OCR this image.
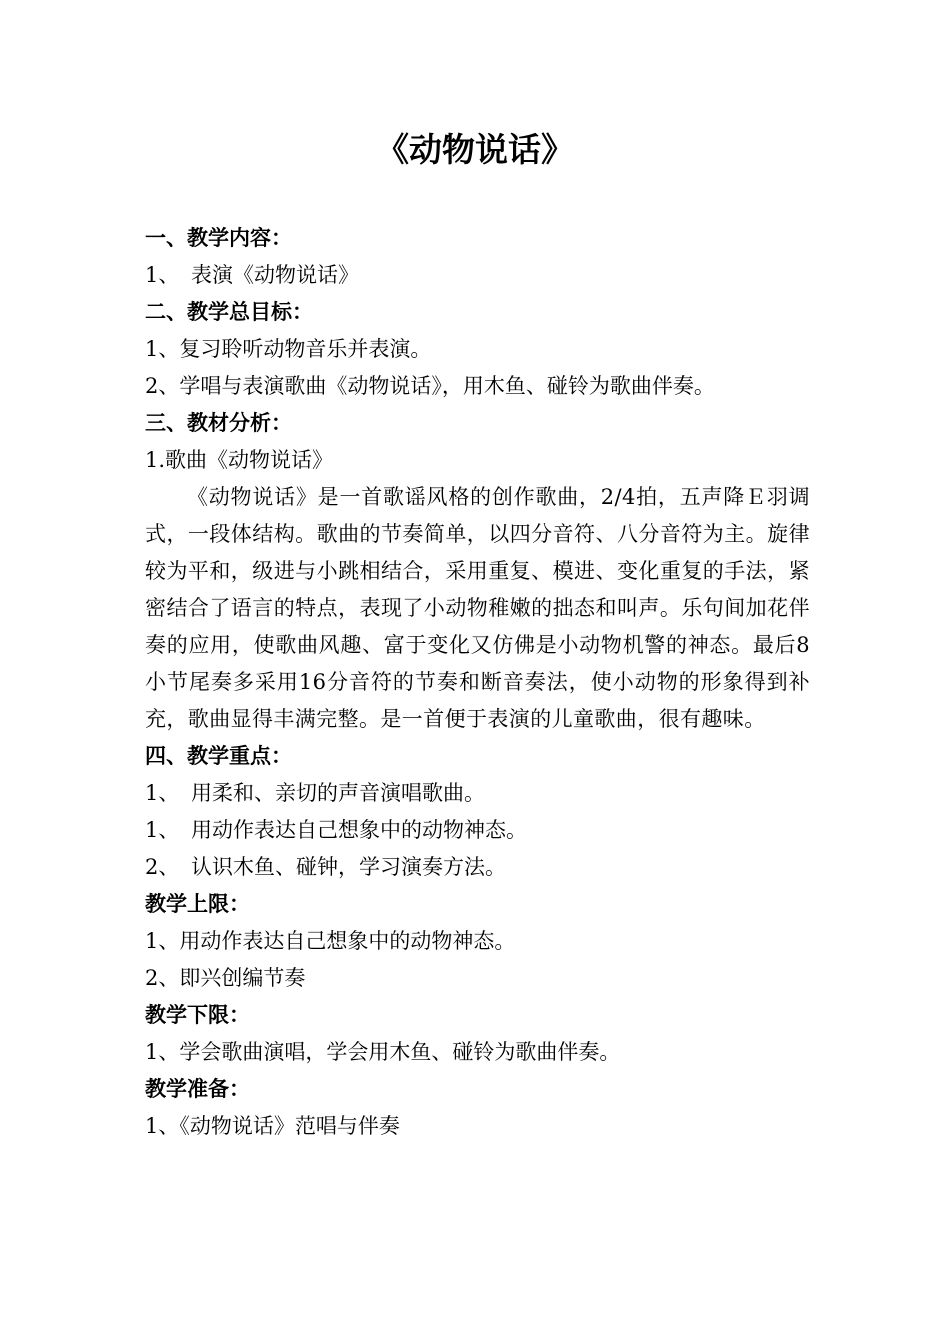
《动物说话》

一、教学内容：

1、 表演《动物说话》

二、教学总目标：

1、复习聆听动物音乐并表演。

2、学唱与表演歌曲《动物说话》，用木鱼、碰铃为歌曲伴奏。

三、教材分析：

1.歌曲《动物说话》

《动物说话》是一首歌谣风格的创作歌曲，2/4拍，五声降Ｅ羽调式，一段体结构。歌曲的节奏简单，以四分音符、八分音符为主。旋律较为平和，级进与小跳相结合，采用重复、模进、变化重复的手法，紧密结合了语言的特点，表现了小动物稚嫩的拙态和叫声。乐句间加花伴奏的应用，使歌曲风趣、富于变化又仿佛是小动物机警的神态。最后8小节尾奏多采用16分音符的节奏和断音奏法，使小动物的形象得到补充，歌曲显得丰满完整。是一首便于表演的儿童歌曲，很有趣味。

四、教学重点：

1、 用柔和、亲切的声音演唱歌曲。

1、 用动作表达自己想象中的动物神态。

2、 认识木鱼、碰钟，学习演奏方法。

教学上限：

1、用动作表达自己想象中的动物神态。

2、即兴创编节奏

教学下限：

1、学会歌曲演唱，学会用木鱼、碰铃为歌曲伴奏。

教学准备：

1、《动物说话》范唱与伴奏
